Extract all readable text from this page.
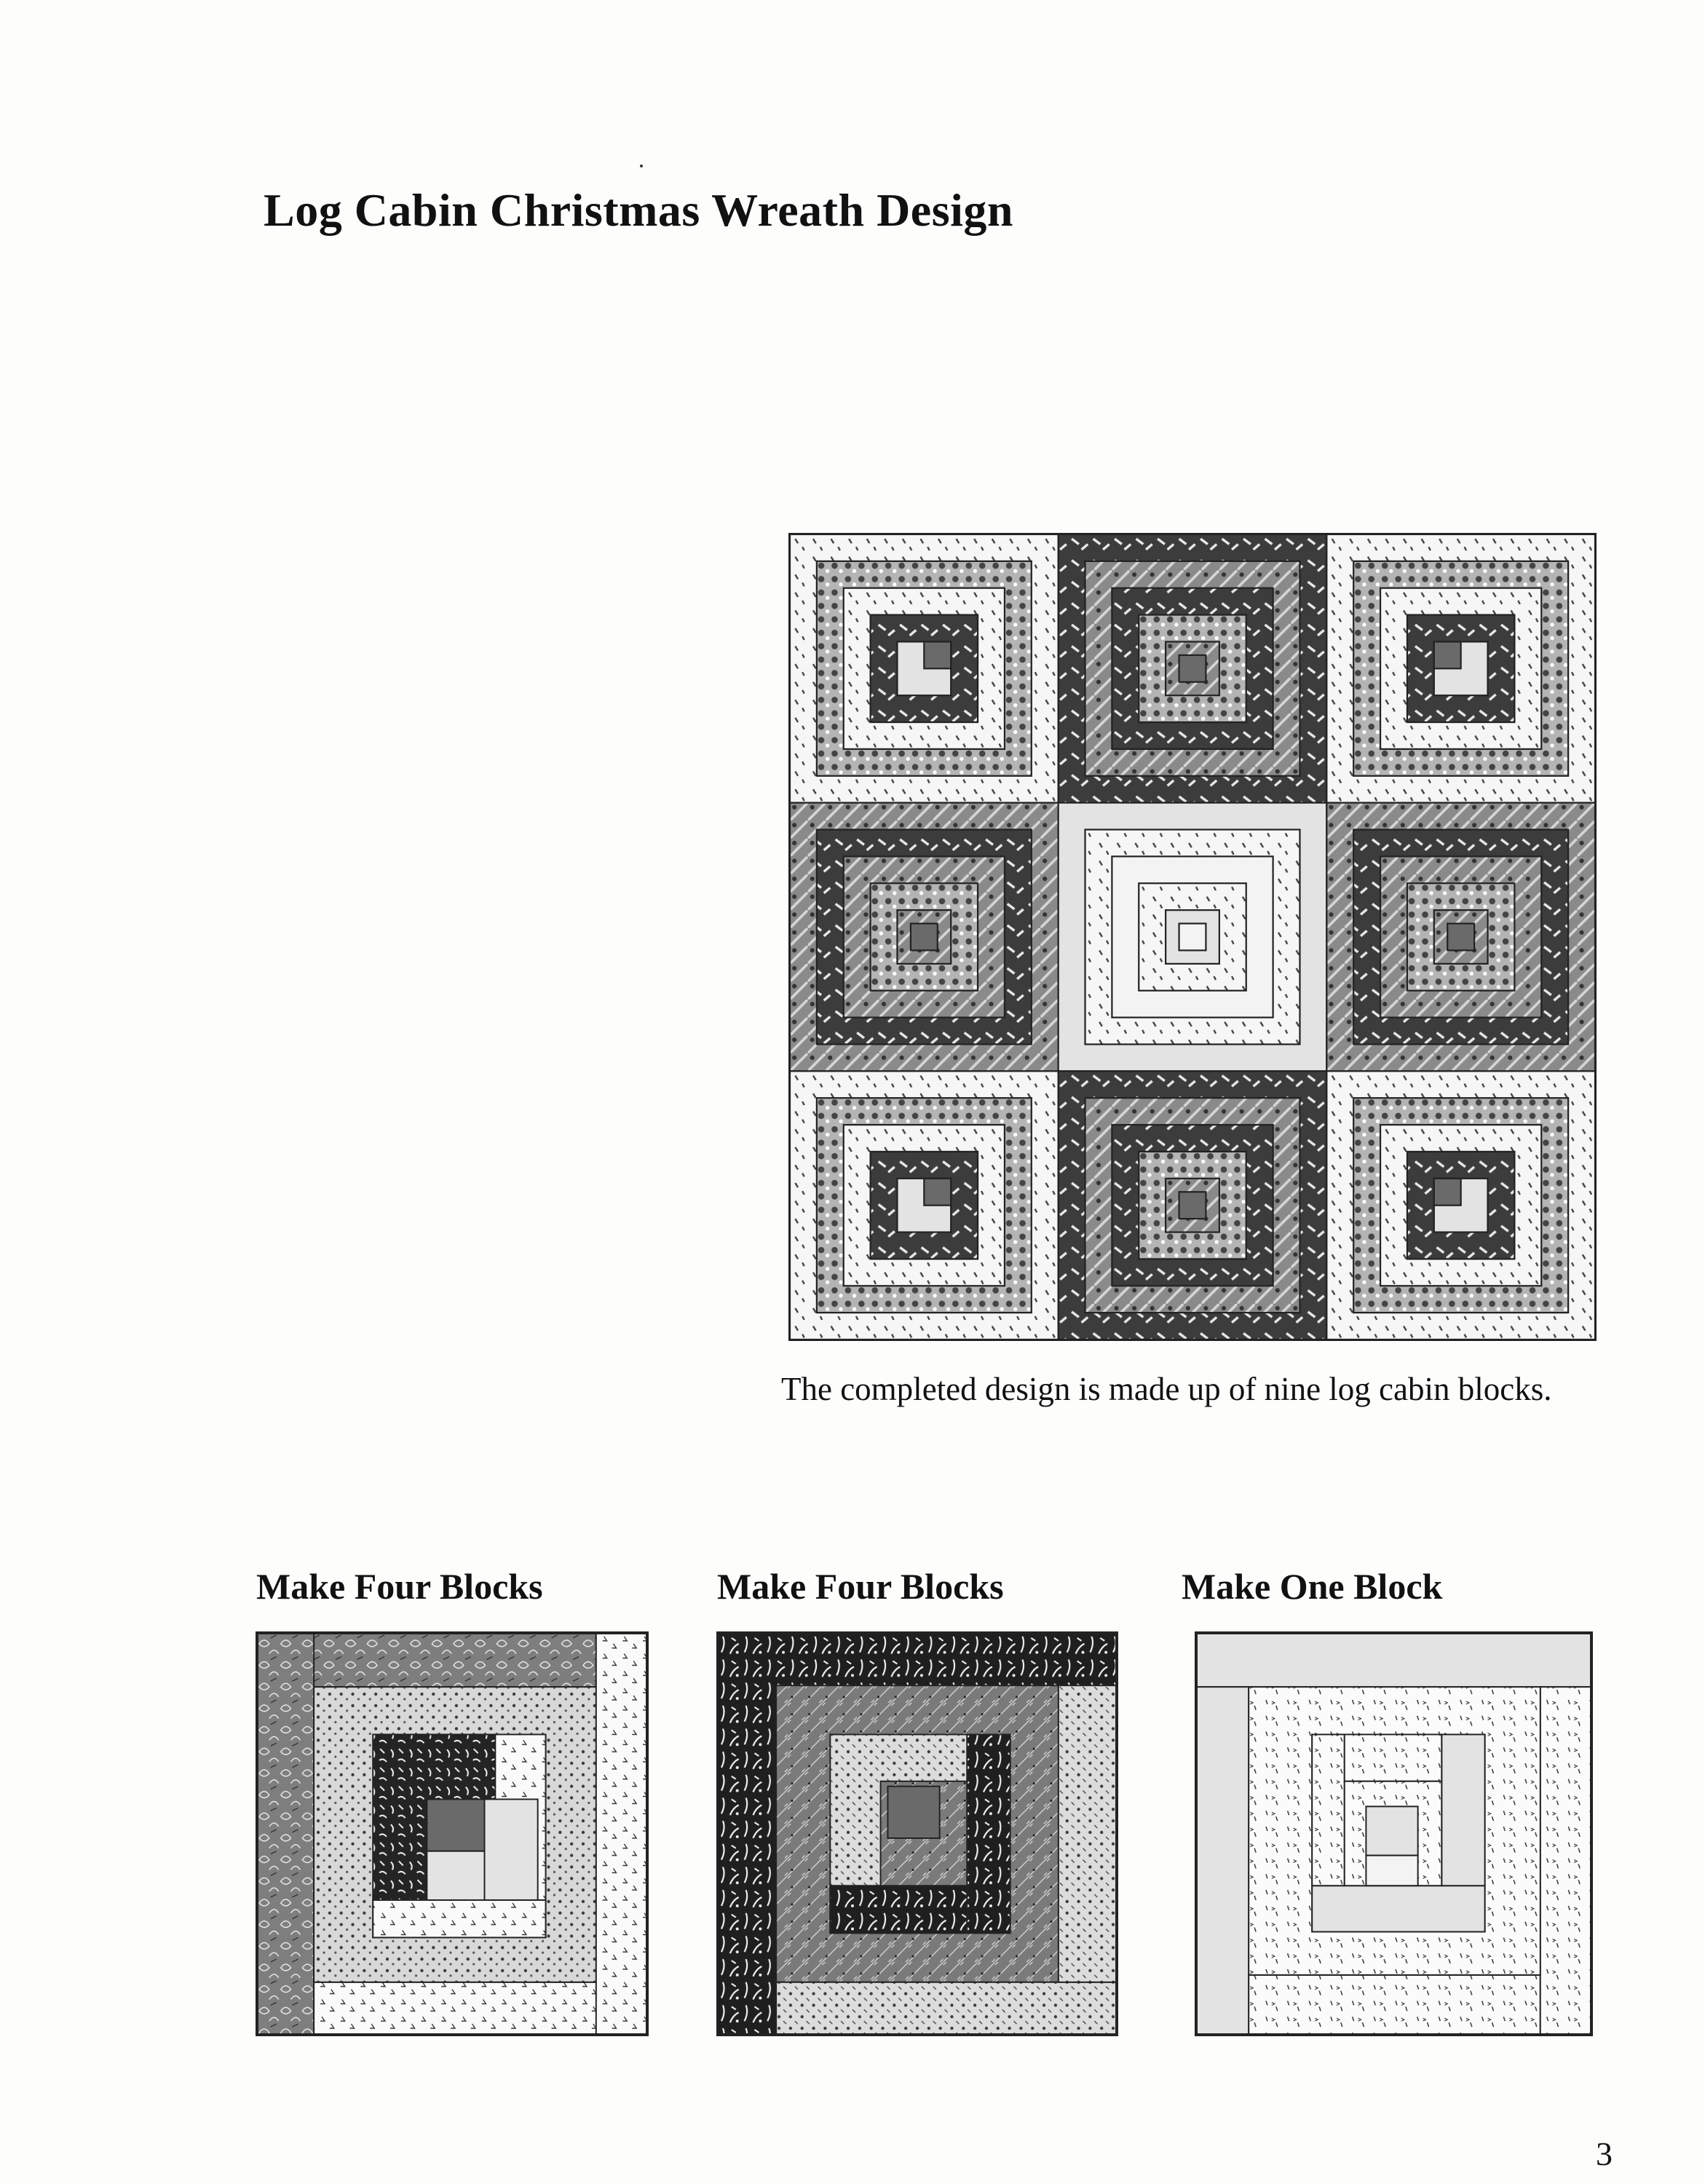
Log Cabin Christmas Wreath Design

The completed design is made up of nine log cabin blocks.

Make Four Blocks	Make Four Blocks	Make One Block

3
